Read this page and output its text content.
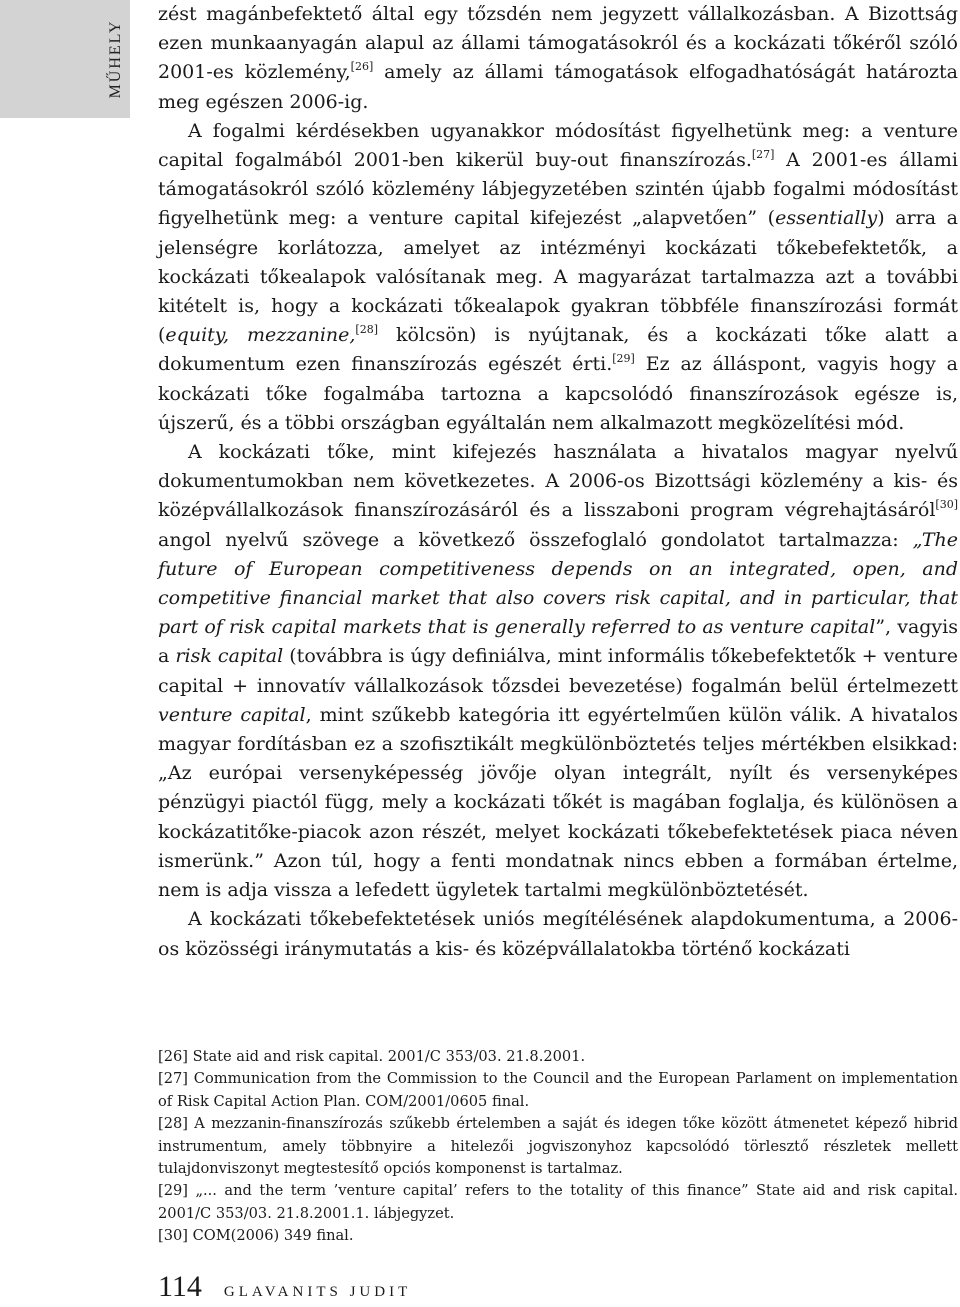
MŰHELY

zést magánbefektető által egy tőzsdén nem jegyzett vállalkozásban. A Bizottság ezen munkaanyagán alapul az állami támogatásokról és a kockázati tőkéről szóló 2001-es közlemény,[26] amely az állami támogatások elfogadhatóságát határozta meg egészen 2006-ig.

A fogalmi kérdésekben ugyanakkor módosítást figyelhetünk meg: a venture capital fogalmából 2001-ben kikerül buy-out finanszírozás.[27] A 2001-es állami támogatásokról szóló közlemény lábjegyzetében szintén újabb fogalmi módosítást figyelhetünk meg: a venture capital kifejezést „alapvetően” (essentially) arra a jelenségre korlátozza, amelyet az intézményi kockázati tőkebefektetők, a kockázati tőkealapok valósítanak meg. A magyarázat tartalmazza azt a további kitételt is, hogy a kockázati tőkealapok gyakran többféle finanszírozási formát (equity, mezzanine,[28] kölcsön) is nyújtanak, és a kockázati tőke alatt a dokumentum ezen finanszírozás egészét érti.[29] Ez az álláspont, vagyis hogy a kockázati tőke fogalmába tartozna a kapcsolódó finanszírozások egésze is, újszerű, és a többi országban egyáltalán nem alkalmazott megközelítési mód.

A kockázati tőke, mint kifejezés használata a hivatalos magyar nyelvű dokumentumokban nem következetes. A 2006-os Bizottsági közlemény a kis- és középvállalkozások finanszírozásáról és a lisszaboni program végrehajtásáról[30] angol nyelvű szövege a következő összefoglaló gondolatot tartalmazza: „The future of European competitiveness depends on an integrated, open, and competitive financial market that also covers risk capital, and in particular, that part of risk capital markets that is generally referred to as venture capital”, vagyis a risk capital (továbbra is úgy definiálva, mint informális tőkebefektetők + venture capital + innovatív vállalkozások tőzsdei bevezetése) fogalmán belül értelmezett venture capital, mint szűkebb kategória itt egyértelműen külön válik. A hivatalos magyar fordításban ez a szofisztikált megkülönböztetés teljes mértékben elsikkad: „Az európai versenyképesség jövője olyan integrált, nyílt és versenyképes pénzügyi piactól függ, mely a kockázati tőkét is magában foglalja, és különösen a kockázatitőke-piacok azon részét, melyet kockázati tőkebefektetések piaca néven ismerünk.” Azon túl, hogy a fenti mondatnak nincs ebben a formában értelme, nem is adja vissza a lefedett ügyletek tartalmi megkülönböztetését.

A kockázati tőkebefektetések uniós megítélésének alapdokumentuma, a 2006-os közösségi iránymutatás a kis- és középvállalatokba történő kockázati

[26] State aid and risk capital. 2001/C 353/03. 21.8.2001.

[27] Communication from the Commission to the Council and the European Parlament on implementation of Risk Capital Action Plan. COM/2001/0605 final.

[28] A mezzanin-finanszírozás szűkebb értelemben a saját és idegen tőke között átmenetet képező hibrid instrumentum, amely többnyire a hitelezői jogviszonyhoz kapcsolódó törlesztő részletek mellett tulajdonviszonyt megtestesítő opciós komponenst is tartalmaz.

[29] „... and the term ’venture capital’ refers to the totality of this finance” State aid and risk capital. 2001/C 353/03. 21.8.2001.1. lábjegyzet.

[30] COM(2006) 349 final.

114 GLAVANITS JUDIT
